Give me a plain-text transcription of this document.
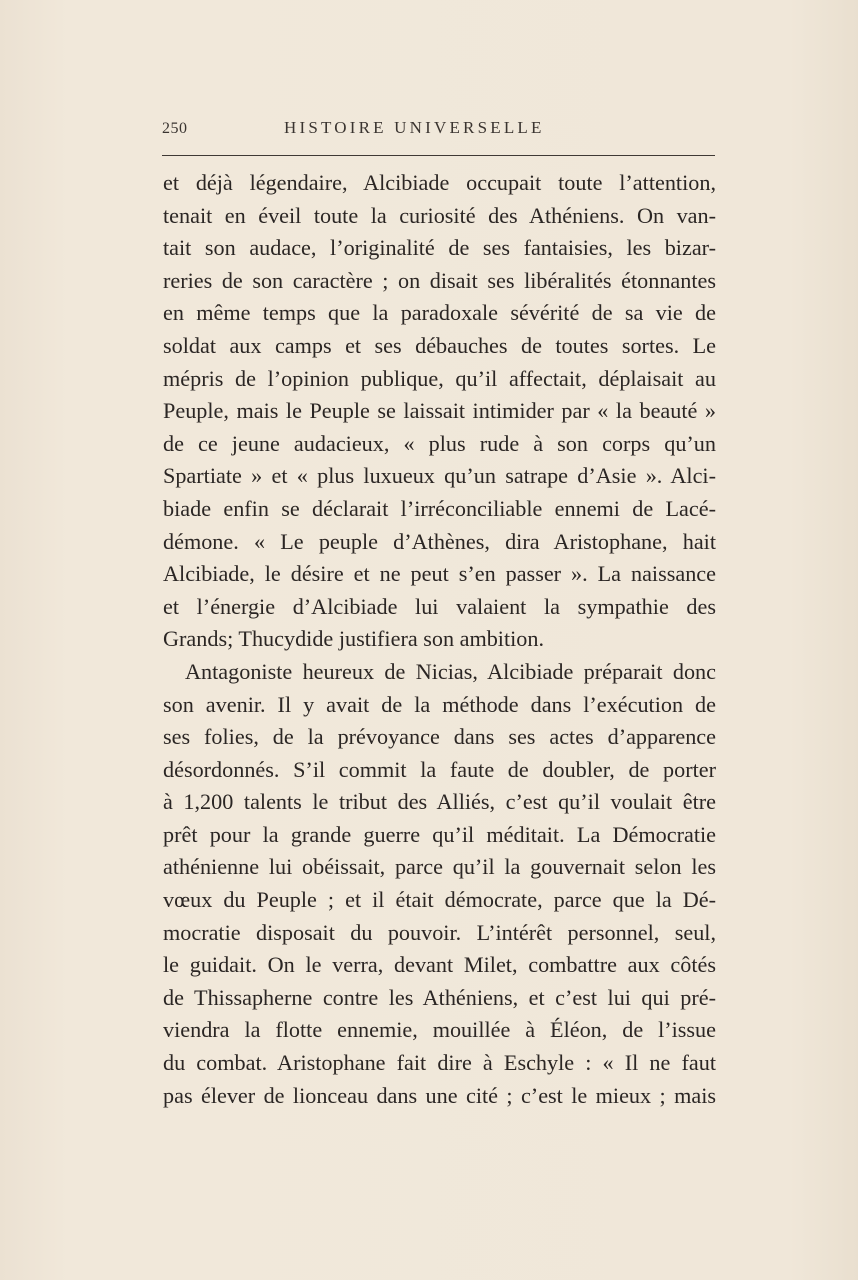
250	HISTOIRE UNIVERSELLE
et déjà légendaire, Alcibiade occupait toute l’attention,
tenait en éveil toute la curiosité des Athéniens. On van-
tait son audace, l’originalité de ses fantaisies, les bizar-
reries de son caractère ; on disait ses libéralités étonnantes
en même temps que la paradoxale sévérité de sa vie de
soldat aux camps et ses débauches de toutes sortes. Le
mépris de l’opinion publique, qu’il affectait, déplaisait au
Peuple, mais le Peuple se laissait intimider par « la beauté »
de ce jeune audacieux, « plus rude à son corps qu’un
Spartiate » et « plus luxueux qu’un satrape d’Asie ». Alci-
biade enfin se déclarait l’irréconciliable ennemi de Lacé-
démone. « Le peuple d’Athènes, dira Aristophane, hait
Alcibiade, le désire et ne peut s’en passer ». La naissance
et l’énergie d’Alcibiade lui valaient la sympathie des
Grands; Thucydide justifiera son ambition.
Antagoniste heureux de Nicias, Alcibiade préparait donc
son avenir. Il y avait de la méthode dans l’exécution de
ses folies, de la prévoyance dans ses actes d’apparence
désordonnés. S’il commit la faute de doubler, de porter
à 1,200 talents le tribut des Alliés, c’est qu’il voulait être
prêt pour la grande guerre qu’il méditait. La Démocratie
athénienne lui obéissait, parce qu’il la gouvernait selon les
vœux du Peuple ; et il était démocrate, parce que la Dé-
mocratie disposait du pouvoir. L’intérêt personnel, seul,
le guidait. On le verra, devant Milet, combattre aux côtés
de Thissapherne contre les Athéniens, et c’est lui qui pré-
viendra la flotte ennemie, mouillée à Éléon, de l’issue
du combat. Aristophane fait dire à Eschyle : « Il ne faut
pas élever de lionceau dans une cité ; c’est le mieux ; mais
